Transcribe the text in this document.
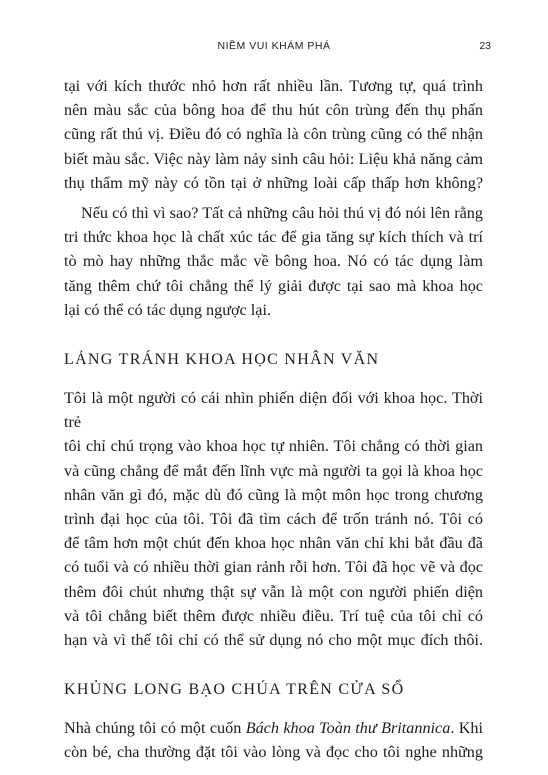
NIỀM VUI KHÁM PHÁ	23

tại với kích thước nhỏ hơn rất nhiều lần. Tương tự, quá trình
nên màu sắc của bông hoa để thu hút côn trùng đến thụ phấn
cũng rất thú vị. Điều đó có nghĩa là côn trùng cũng có thể nhận
biết màu sắc. Việc này làm nảy sinh câu hỏi: Liệu khả năng cảm
thụ thẩm mỹ này có tồn tại ở những loài cấp thấp hơn không?

Nếu có thì vì sao? Tất cả những câu hỏi thú vị đó nói lên rằng
tri thức khoa học là chất xúc tác để gia tăng sự kích thích và trí
tò mò hay những thắc mắc về bông hoa. Nó có tác dụng làm
tăng thêm chứ tôi chẳng thể lý giải được tại sao mà khoa học
lại có thể có tác dụng ngược lại.

LẢNG TRÁNH KHOA HỌC NHÂN VĂN

Tôi là một người có cái nhìn phiến diện đối với khoa học. Thời trẻ
tôi chỉ chú trọng vào khoa học tự nhiên. Tôi chẳng có thời gian
và cũng chẳng để mắt đến lĩnh vực mà người ta gọi là khoa học
nhân văn gì đó, mặc dù đó cũng là một môn học trong chương
trình đại học của tôi. Tôi đã tìm cách để trốn tránh nó. Tôi có
để tâm hơn một chút đến khoa học nhân văn chỉ khi bắt đầu đã
có tuổi và có nhiều thời gian rảnh rỗi hơn. Tôi đã học vẽ và đọc
thêm đôi chút nhưng thật sự vẫn là một con người phiến diện
và tôi chẳng biết thêm được nhiều điều. Trí tuệ của tôi chỉ có
hạn và vì thế tôi chỉ có thể sử dụng nó cho một mục đích thôi.

KHỦNG LONG BẠO CHÚA TRÊN CỬA SỔ

Nhà chúng tôi có một cuốn Bách khoa Toàn thư Britannica. Khi
còn bé, cha thường đặt tôi vào lòng và đọc cho tôi nghe những
